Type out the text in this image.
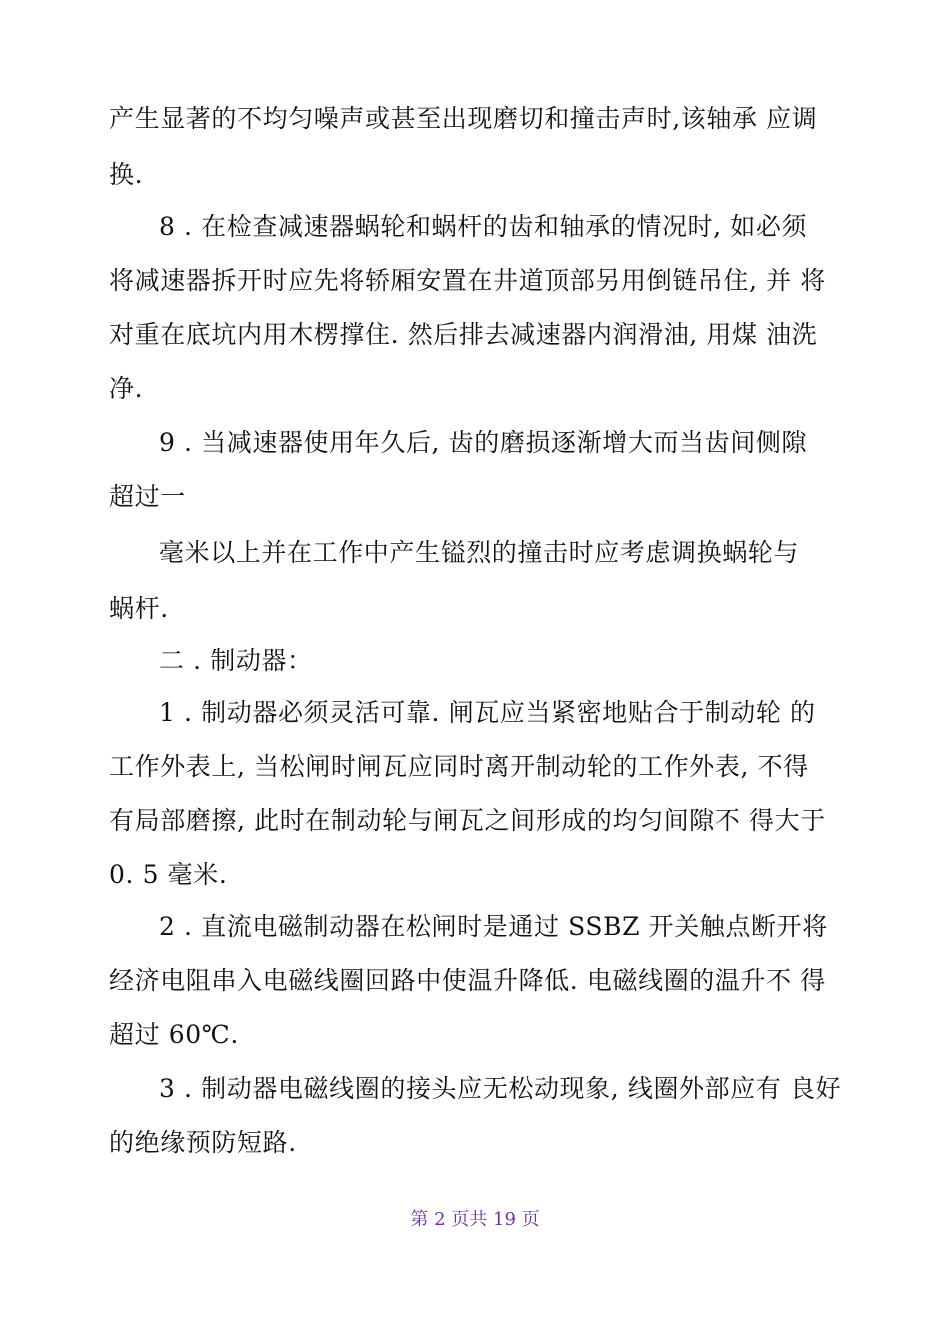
产生显著的不均匀噪声或甚至出现磨切和撞击声时,该轴承 应调
换.
8 . 在检查减速器蜗轮和蜗杆的齿和轴承的情况时, 如必须
将减速器拆开时应先将轿厢安置在井道顶部另用倒链吊住, 并 将
对重在底坑内用木楞撑住. 然后排去减速器内润滑油, 用煤 油洗
净.
9 . 当减速器使用年久后, 齿的磨损逐渐增大而当齿间侧隙
超过一
毫米以上并在工作中产生镒烈的撞击时应考虑调换蜗轮与
蜗杆.
二 . 制动器：
1 . 制动器必须灵活可靠. 闸瓦应当紧密地贴合于制动轮 的
工作外表上, 当松闸时闸瓦应同时离开制动轮的工作外表, 不得
有局部磨擦, 此时在制动轮与闸瓦之间形成的均匀间隙不 得大于
0. 5 毫米.
2 . 直流电磁制动器在松闸时是通过 SSBZ 开关触点断开将
经济电阻串入电磁线圈回路中使温升降低. 电磁线圈的温升不 得
超过 60℃.
3 . 制动器电磁线圈的接头应无松动现象, 线圈外部应有 良好
的绝缘预防短路.
第 2 页共 19 页
